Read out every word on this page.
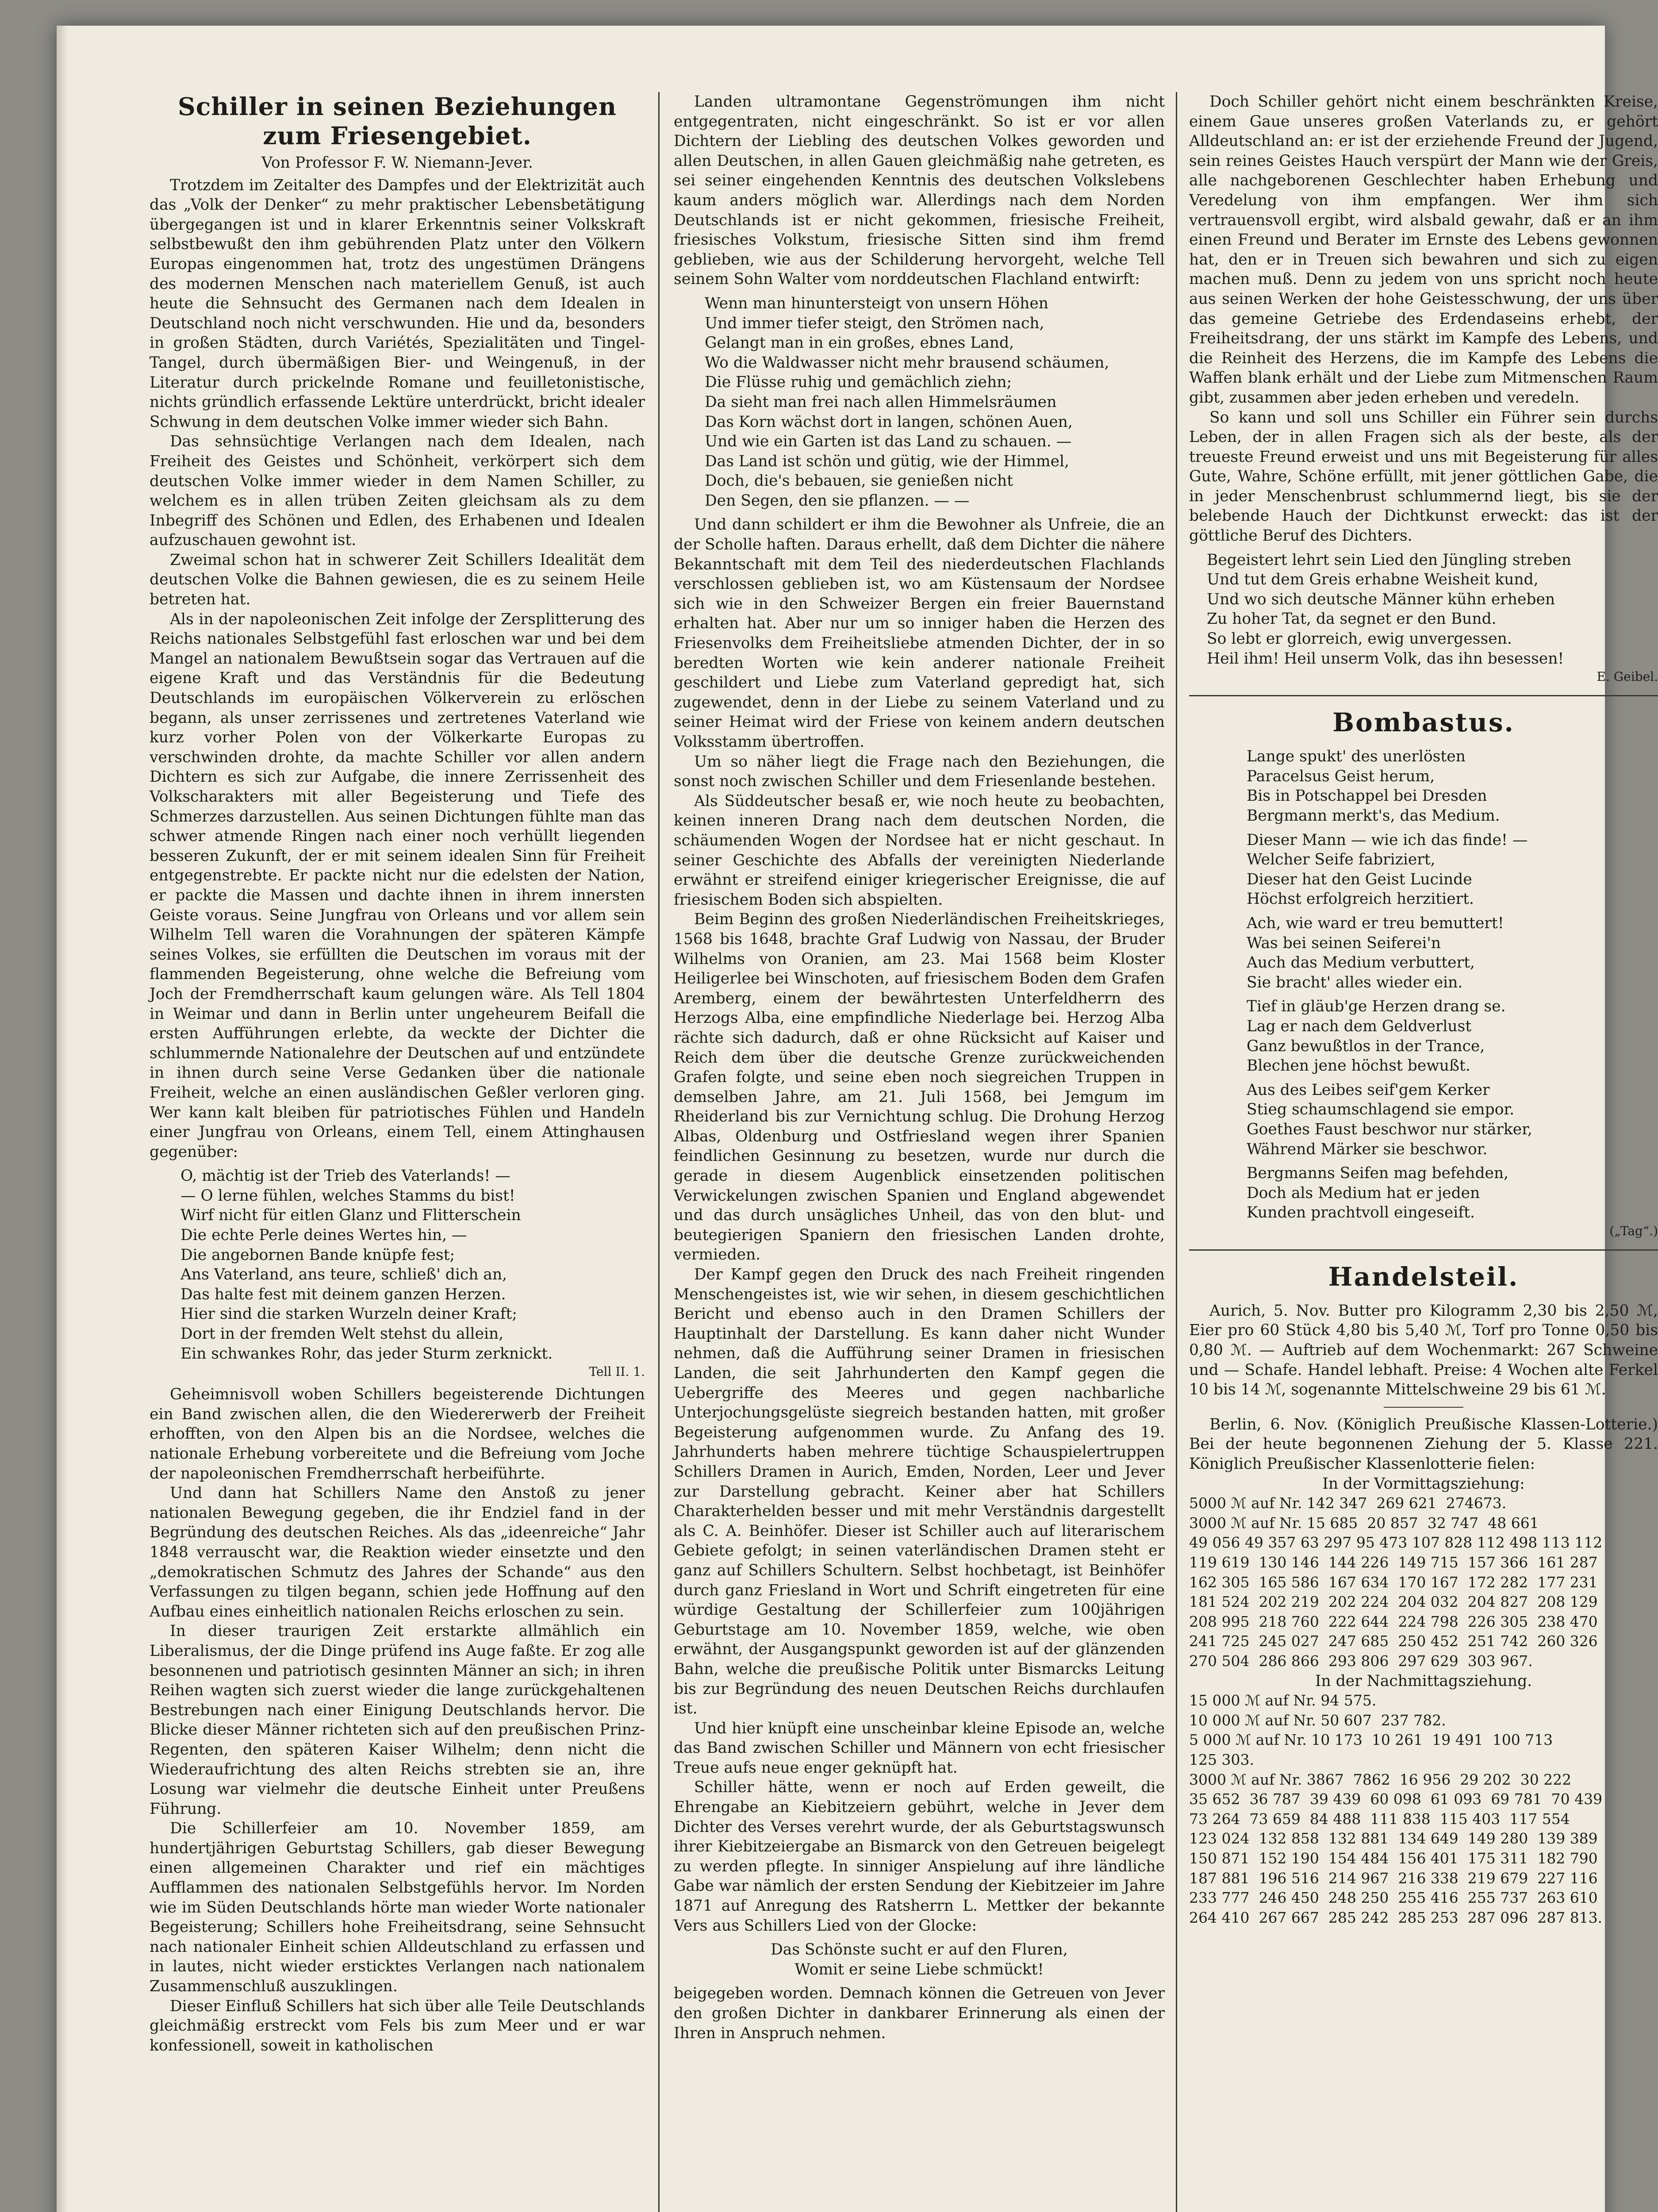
Schiller in seinen Beziehungen zum Friesengebiet.
Von Professor F. W. Niemann-Jever.

Trotzdem im Zeitalter des Dampfes und der Elektrizität auch das „Volk der Denker“ zu mehr praktischer Lebensbetätigung übergegangen ist und in klarer Erkenntnis seiner Volkskraft selbstbewußt den ihm gebührenden Platz unter den Völkern Europas eingenommen hat, trotz des ungestümen Drängens des modernen Menschen nach materiellem Genuß, ist auch heute die Sehnsucht des Germanen nach dem Idealen in Deutschland noch nicht verschwunden. Hie und da, besonders in großen Städten, durch Variétés, Spezialitäten und Tingel-Tangel, durch übermäßigen Bier- und Weingenuß, in der Literatur durch prickelnde Romane und feuilletonistische, nichts gründlich erfassende Lektüre unterdrückt, bricht idealer Schwung in dem deutschen Volke immer wieder sich Bahn.

Das sehnsüchtige Verlangen nach dem Idealen, nach Freiheit des Geistes und Schönheit, verkörpert sich dem deutschen Volke immer wieder in dem Namen Schiller, zu welchem es in allen trüben Zeiten gleichsam als zu dem Inbegriff des Schönen und Edlen, des Erhabenen und Idealen aufzuschauen gewohnt ist.

Zweimal schon hat in schwerer Zeit Schillers Idealität dem deutschen Volke die Bahnen gewiesen, die es zu seinem Heile betreten hat.

Als in der napoleonischen Zeit infolge der Zersplitterung des Reichs nationales Selbstgefühl fast erloschen war und bei dem Mangel an nationalem Bewußtsein sogar das Vertrauen auf die eigene Kraft und das Verständnis für die Bedeutung Deutschlands im europäischen Völkerverein zu erlöschen begann, als unser zerrissenes und zertretenes Vaterland wie kurz vorher Polen von der Völkerkarte Europas zu verschwinden drohte, da machte Schiller vor allen andern Dichtern es sich zur Aufgabe, die innere Zerrissenheit des Volkscharakters mit aller Begeisterung und Tiefe des Schmerzes darzustellen. Aus seinen Dichtungen fühlte man das schwer atmende Ringen nach einer noch verhüllt liegenden besseren Zukunft, der er mit seinem idealen Sinn für Freiheit entgegenstrebte. Er packte nicht nur die edelsten der Nation, er packte die Massen und dachte ihnen in ihrem innersten Geiste voraus. Seine Jungfrau von Orleans und vor allem sein Wilhelm Tell waren die Vorahnungen der späteren Kämpfe seines Volkes, sie erfüllten die Deutschen im voraus mit der flammenden Begeisterung, ohne welche die Befreiung vom Joch der Fremdherrschaft kaum gelungen wäre. Als Tell 1804 in Weimar und dann in Berlin unter ungeheurem Beifall die ersten Aufführungen erlebte, da weckte der Dichter die schlummernde Nationalehre der Deutschen auf und entzündete in ihnen durch seine Verse Gedanken über die nationale Freiheit, welche an einen ausländischen Geßler verloren ging. Wer kann kalt bleiben für patriotisches Fühlen und Handeln einer Jungfrau von Orleans, einem Tell, einem Attinghausen gegenüber:

O, mächtig ist der Trieb des Vaterlands! —
— O lerne fühlen, welches Stamms du bist!
Wirf nicht für eitlen Glanz und Flitterschein
Die echte Perle deines Wertes hin, —
Die angebornen Bande knüpfe fest;
Ans Vaterland, ans teure, schließ' dich an,
Das halte fest mit deinem ganzen Herzen.
Hier sind die starken Wurzeln deiner Kraft;
Dort in der fremden Welt stehst du allein,
Ein schwankes Rohr, das jeder Sturm zerknickt.
Tell II. 1.

Geheimnisvoll woben Schillers begeisterende Dichtungen ein Band zwischen allen, die den Wiedererwerb der Freiheit erhofften, von den Alpen bis an die Nordsee, welches die nationale Erhebung vorbereitete und die Befreiung vom Joche der napoleonischen Fremdherrschaft herbeiführte.

Und dann hat Schillers Name den Anstoß zu jener nationalen Bewegung gegeben, die ihr Endziel fand in der Begründung des deutschen Reiches. Als das „ideenreiche“ Jahr 1848 verrauscht war, die Reaktion wieder einsetzte und den „demokratischen Schmutz des Jahres der Schande“ aus den Verfassungen zu tilgen begann, schien jede Hoffnung auf den Aufbau eines einheitlich nationalen Reichs erloschen zu sein.

In dieser traurigen Zeit erstarkte allmählich ein Liberalismus, der die Dinge prüfend ins Auge faßte. Er zog alle besonnenen und patriotisch gesinnten Männer an sich; in ihren Reihen wagten sich zuerst wieder die lange zurückgehaltenen Bestrebungen nach einer Einigung Deutschlands hervor. Die Blicke dieser Männer richteten sich auf den preußischen Prinz-Regenten, den späteren Kaiser Wilhelm; denn nicht die Wiederaufrichtung des alten Reichs strebten sie an, ihre Losung war vielmehr die deutsche Einheit unter Preußens Führung.

Die Schillerfeier am 10. November 1859, am hundertjährigen Geburtstag Schillers, gab dieser Bewegung einen allgemeinen Charakter und rief ein mächtiges Aufflammen des nationalen Selbstgefühls hervor. Im Norden wie im Süden Deutschlands hörte man wieder Worte nationaler Begeisterung; Schillers hohe Freiheitsdrang, seine Sehnsucht nach nationaler Einheit schien Alldeutschland zu erfassen und in lautes, nicht wieder ersticktes Verlangen nach nationalem Zusammenschluß auszuklingen.

Dieser Einfluß Schillers hat sich über alle Teile Deutschlands gleichmäßig erstreckt vom Fels bis zum Meer und er war konfessionell, soweit in katholischen

Landen ultramontane Gegenströmungen ihm nicht entgegentraten, nicht eingeschränkt. So ist er vor allen Dichtern der Liebling des deutschen Volkes geworden und allen Deutschen, in allen Gauen gleichmäßig nahe getreten, es sei seiner eingehenden Kenntnis des deutschen Volkslebens kaum anders möglich war. Allerdings nach dem Norden Deutschlands ist er nicht gekommen, friesische Freiheit, friesisches Volkstum, friesische Sitten sind ihm fremd geblieben, wie aus der Schilderung hervorgeht, welche Tell seinem Sohn Walter vom norddeutschen Flachland entwirft:

Wenn man hinuntersteigt von unsern Höhen
Und immer tiefer steigt, den Strömen nach,
Gelangt man in ein großes, ebnes Land,
Wo die Waldwasser nicht mehr brausend schäumen,
Die Flüsse ruhig und gemächlich ziehn;
Da sieht man frei nach allen Himmelsräumen
Das Korn wächst dort in langen, schönen Auen,
Und wie ein Garten ist das Land zu schauen. —
Das Land ist schön und gütig, wie der Himmel,
Doch, die's bebauen, sie genießen nicht
Den Segen, den sie pflanzen. — —

Und dann schildert er ihm die Bewohner als Unfreie, die an der Scholle haften. Daraus erhellt, daß dem Dichter die nähere Bekanntschaft mit dem Teil des niederdeutschen Flachlands verschlossen geblieben ist, wo am Küstensaum der Nordsee sich wie in den Schweizer Bergen ein freier Bauernstand erhalten hat. Aber nur um so inniger haben die Herzen des Friesenvolks dem Freiheitsliebe atmenden Dichter, der in so beredten Worten wie kein anderer nationale Freiheit geschildert und Liebe zum Vaterland gepredigt hat, sich zugewendet, denn in der Liebe zu seinem Vaterland und zu seiner Heimat wird der Friese von keinem andern deutschen Volksstamm übertroffen.

Um so näher liegt die Frage nach den Beziehungen, die sonst noch zwischen Schiller und dem Friesenlande bestehen.

Als Süddeutscher besaß er, wie noch heute zu beobachten, keinen inneren Drang nach dem deutschen Norden, die schäumenden Wogen der Nordsee hat er nicht geschaut. In seiner Geschichte des Abfalls der vereinigten Niederlande erwähnt er streifend einiger kriegerischer Ereignisse, die auf friesischem Boden sich abspielten.

Beim Beginn des großen Niederländischen Freiheitskrieges, 1568 bis 1648, brachte Graf Ludwig von Nassau, der Bruder Wilhelms von Oranien, am 23. Mai 1568 beim Kloster Heiligerlee bei Winschoten, auf friesischem Boden dem Grafen Aremberg, einem der bewährtesten Unterfeldherrn des Herzogs Alba, eine empfindliche Niederlage bei. Herzog Alba rächte sich dadurch, daß er ohne Rücksicht auf Kaiser und Reich dem über die deutsche Grenze zurückweichenden Grafen folgte, und seine eben noch siegreichen Truppen in demselben Jahre, am 21. Juli 1568, bei Jemgum im Rheiderland bis zur Vernichtung schlug. Die Drohung Herzog Albas, Oldenburg und Ostfriesland wegen ihrer Spanien feindlichen Gesinnung zu besetzen, wurde nur durch die gerade in diesem Augenblick einsetzenden politischen Verwickelungen zwischen Spanien und England abgewendet und das durch unsägliches Unheil, das von den blut- und beutegierigen Spaniern den friesischen Landen drohte, vermieden.

Der Kampf gegen den Druck des nach Freiheit ringenden Menschengeistes ist, wie wir sehen, in diesem geschichtlichen Bericht und ebenso auch in den Dramen Schillers der Hauptinhalt der Darstellung. Es kann daher nicht Wunder nehmen, daß die Aufführung seiner Dramen in friesischen Landen, die seit Jahrhunderten den Kampf gegen die Uebergriffe des Meeres und gegen nachbarliche Unterjochungsgelüste siegreich bestanden hatten, mit großer Begeisterung aufgenommen wurde. Zu Anfang des 19. Jahrhunderts haben mehrere tüchtige Schauspielertruppen Schillers Dramen in Aurich, Emden, Norden, Leer und Jever zur Darstellung gebracht. Keiner aber hat Schillers Charakterhelden besser und mit mehr Verständnis dargestellt als C. A. Beinhöfer. Dieser ist Schiller auch auf literarischem Gebiete gefolgt; in seinen vaterländischen Dramen steht er ganz auf Schillers Schultern. Selbst hochbetagt, ist Beinhöfer durch ganz Friesland in Wort und Schrift eingetreten für eine würdige Gestaltung der Schillerfeier zum 100jährigen Geburtstage am 10. November 1859, welche, wie oben erwähnt, der Ausgangspunkt geworden ist auf der glänzenden Bahn, welche die preußische Politik unter Bismarcks Leitung bis zur Begründung des neuen Deutschen Reichs durchlaufen ist.

Und hier knüpft eine unscheinbar kleine Episode an, welche das Band zwischen Schiller und Männern von echt friesischer Treue aufs neue enger geknüpft hat.

Schiller hätte, wenn er noch auf Erden geweilt, die Ehrengabe an Kiebitzeiern gebührt, welche in Jever dem Dichter des Verses verehrt wurde, der als Geburtstagswunsch ihrer Kiebitzeiergabe an Bismarck von den Getreuen beigelegt zu werden pflegte. In sinniger Anspielung auf ihre ländliche Gabe war nämlich der ersten Sendung der Kiebitzeier im Jahre 1871 auf Anregung des Ratsherrn L. Mettker der bekannte Vers aus Schillers Lied von der Glocke:

Das Schönste sucht er auf den Fluren,
Womit er seine Liebe schmückt!

beigegeben worden. Demnach können die Getreuen von Jever den großen Dichter in dankbarer Erinnerung als einen der Ihren in Anspruch nehmen.

Doch Schiller gehört nicht einem beschränkten Kreise, einem Gaue unseres großen Vaterlands zu, er gehört Alldeutschland an: er ist der erziehende Freund der Jugend, sein reines Geistes Hauch verspürt der Mann wie der Greis, alle nachgeborenen Geschlechter haben Erhebung und Veredelung von ihm empfangen. Wer ihm sich vertrauensvoll ergibt, wird alsbald gewahr, daß er an ihm einen Freund und Berater im Ernste des Lebens gewonnen hat, den er in Treuen sich bewahren und sich zu eigen machen muß. Denn zu jedem von uns spricht noch heute aus seinen Werken der hohe Geistesschwung, der uns über das gemeine Getriebe des Erdendaseins erhebt, der Freiheitsdrang, der uns stärkt im Kampfe des Lebens, und die Reinheit des Herzens, die im Kampfe des Lebens die Waffen blank erhält und der Liebe zum Mitmenschen Raum gibt, zusammen aber jeden erheben und veredeln.

So kann und soll uns Schiller ein Führer sein durchs Leben, der in allen Fragen sich als der beste, als der treueste Freund erweist und uns mit Begeisterung für alles Gute, Wahre, Schöne erfüllt, mit jener göttlichen Gabe, die in jeder Menschenbrust schlummernd liegt, bis sie der belebende Hauch der Dichtkunst erweckt: das ist der göttliche Beruf des Dichters.

Begeistert lehrt sein Lied den Jüngling streben
Und tut dem Greis erhabne Weisheit kund,
Und wo sich deutsche Männer kühn erheben
Zu hoher Tat, da segnet er den Bund.
So lebt er glorreich, ewig unvergessen.
Heil ihm! Heil unserm Volk, das ihn besessen!
E. Geibel.
Bombastus.
Lange spukt' des unerlösten
Paracelsus Geist herum,
Bis in Potschappel bei Dresden
Bergmann merkt's, das Medium.
Dieser Mann — wie ich das finde! —
Welcher Seife fabriziert,
Dieser hat den Geist Lucinde
Höchst erfolgreich herzitiert.
Ach, wie ward er treu bemuttert!
Was bei seinen Seiferei'n
Auch das Medium verbuttert,
Sie bracht' alles wieder ein.
Tief in gläub'ge Herzen drang se.
Lag er nach dem Geldverlust
Ganz bewußtlos in der Trance,
Blechen jene höchst bewußt.
Aus des Leibes seif'gem Kerker
Stieg schaumschlagend sie empor.
Goethes Faust beschwor nur stärker,
Während Märker sie beschwor.
Bergmanns Seifen mag befehden,
Doch als Medium hat er jeden
Kunden prachtvoll eingeseift.
(„Tag“.)
Handelsteil.

Aurich, 5. Nov. Butter pro Kilogramm 2,30 bis 2,50 ℳ, Eier pro 60 Stück 4,80 bis 5,40 ℳ, Torf pro Tonne 0,50 bis 0,80 ℳ. — Auftrieb auf dem Wochenmarkt: 267 Schweine und — Schafe. Handel lebhaft. Preise: 4 Wochen alte Ferkel 10 bis 14 ℳ, sogenannte Mittelschweine 29 bis 61 ℳ.

Berlin, 6. Nov. (Königlich Preußische Klassen-Lotterie.) Bei der heute begonnenen Ziehung der 5. Klasse 221. Königlich Preußischer Klassenlotterie fielen:

In der Vormittagsziehung:
5000 ℳ auf Nr. 142 347  269 621  274673.
3000 ℳ auf Nr. 15 685  20 857  32 747  48 661
49 056 49 357 63 297 95 473 107 828 112 498 113 112
119 619  130 146  144 226  149 715  157 366  161 287
162 305  165 586  167 634  170 167  172 282  177 231
181 524  202 219  202 224  204 032  204 827  208 129
208 995  218 760  222 644  224 798  226 305  238 470
241 725  245 027  247 685  250 452  251 742  260 326
270 504  286 866  293 806  297 629  303 967.
In der Nachmittagsziehung.
15 000 ℳ auf Nr. 94 575.
10 000 ℳ auf Nr. 50 607  237 782.
5 000 ℳ auf Nr. 10 173  10 261  19 491  100 713
125 303.
3000 ℳ auf Nr. 3867  7862  16 956  29 202  30 222
35 652  36 787  39 439  60 098  61 093  69 781  70 439
73 264  73 659  84 488  111 838  115 403  117 554
123 024  132 858  132 881  134 649  149 280  139 389
150 871  152 190  154 484  156 401  175 311  182 790
187 881  196 516  214 967  216 338  219 679  227 116
233 777  246 450  248 250  255 416  255 737  263 610
264 410  267 667  285 242  285 253  287 096  287 813.
